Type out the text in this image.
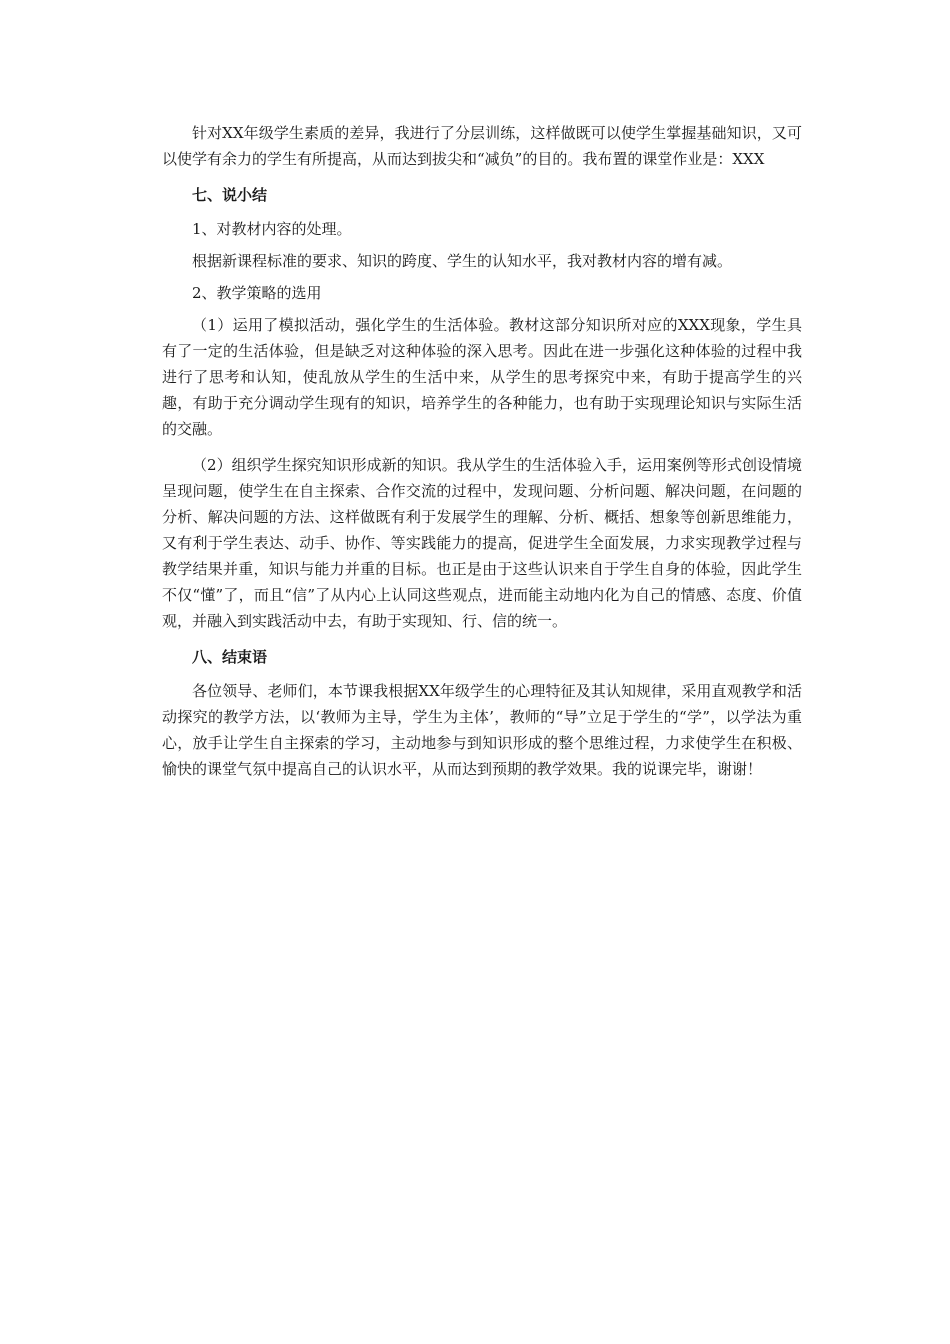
针对XX年级学生素质的差异，我进行了分层训练，这样做既可以使学生掌握基础知识，又可以使学有余力的学生有所提高，从而达到拔尖和“减负”的目的。我布置的课堂作业是：XXX

七、说小结

1、对教材内容的处理。

根据新课程标准的要求、知识的跨度、学生的认知水平，我对教材内容的增有减。

2、教学策略的选用

（1）运用了模拟活动，强化学生的生活体验。教材这部分知识所对应的XXX现象，学生具有了一定的生活体验，但是缺乏对这种体验的深入思考。因此在进一步强化这种体验的过程中我进行了思考和认知，使乱放从学生的生活中来，从学生的思考探究中来，有助于提高学生的兴趣，有助于充分调动学生现有的知识，培养学生的各种能力，也有助于实现理论知识与实际生活的交融。

（2）组织学生探究知识形成新的知识。我从学生的生活体验入手，运用案例等形式创设情境呈现问题，使学生在自主探索、合作交流的过程中，发现问题、分析问题、解决问题，在问题的分析、解决问题的方法、这样做既有利于发展学生的理解、分析、概括、想象等创新思维能力，又有利于学生表达、动手、协作、等实践能力的提高，促进学生全面发展，力求实现教学过程与教学结果并重，知识与能力并重的目标。也正是由于这些认识来自于学生自身的体验，因此学生不仅“懂”了，而且“信”了从内心上认同这些观点，进而能主动地内化为自己的情感、态度、价值观，并融入到实践活动中去，有助于实现知、行、信的统一。

八、结束语

各位领导、老师们，本节课我根据XX年级学生的心理特征及其认知规律，采用直观教学和活动探究的教学方法，以‘教师为主导，学生为主体’，教师的“导”立足于学生的“学”，以学法为重心，放手让学生自主探索的学习，主动地参与到知识形成的整个思维过程，力求使学生在积极、愉快的课堂气氛中提高自己的认识水平，从而达到预期的教学效果。我的说课完毕，谢谢！
